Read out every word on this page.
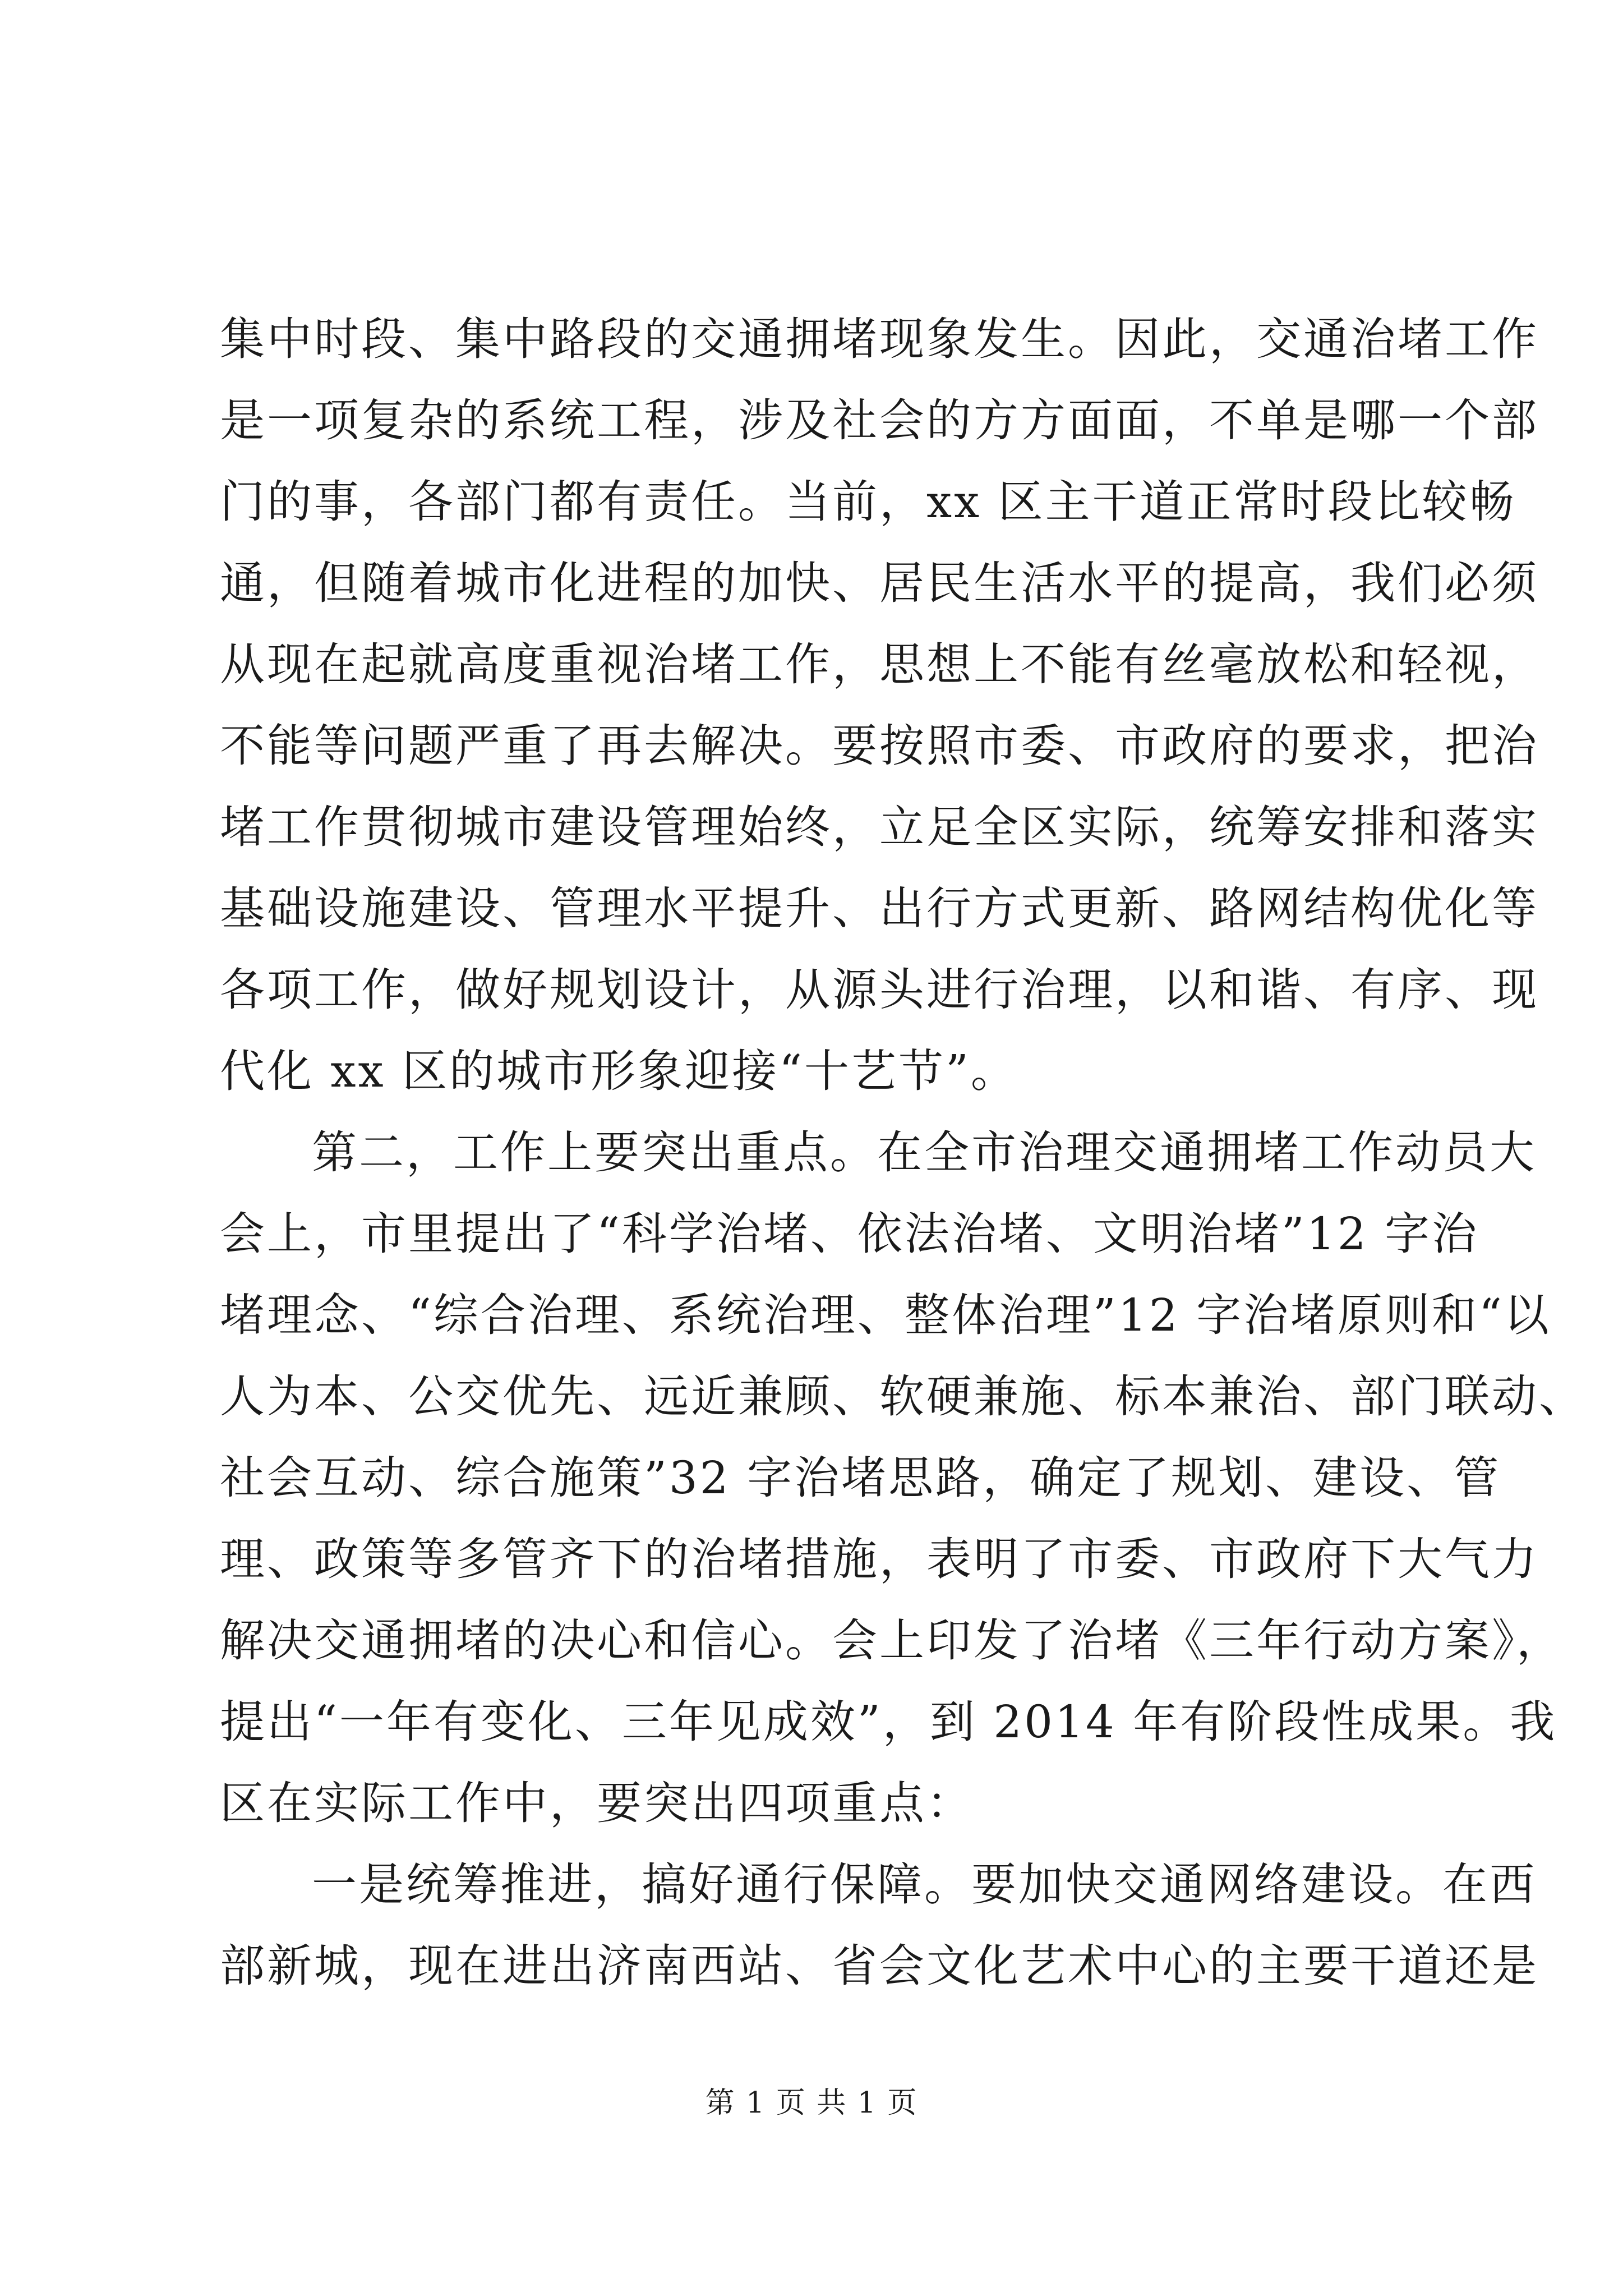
集中时段、集中路段的交通拥堵现象发生。因此，交通治堵工作
是一项复杂的系统工程，涉及社会的方方面面，不单是哪一个部
门的事，各部门都有责任。当前，xx 区主干道正常时段比较畅
通，但随着城市化进程的加快、居民生活水平的提高，我们必须
从现在起就高度重视治堵工作，思想上不能有丝毫放松和轻视，
不能等问题严重了再去解决。要按照市委、市政府的要求，把治
堵工作贯彻城市建设管理始终，立足全区实际，统筹安排和落实
基础设施建设、管理水平提升、出行方式更新、路网结构优化等
各项工作，做好规划设计，从源头进行治理，以和谐、有序、现
代化 xx 区的城市形象迎接“十艺节”。
第二，工作上要突出重点。在全市治理交通拥堵工作动员大
会上，市里提出了“科学治堵、依法治堵、文明治堵”12 字治
堵理念、“综合治理、系统治理、整体治理”12 字治堵原则和“以
人为本、公交优先、远近兼顾、软硬兼施、标本兼治、部门联动、
社会互动、综合施策”32 字治堵思路，确定了规划、建设、管
理、政策等多管齐下的治堵措施，表明了市委、市政府下大气力
解决交通拥堵的决心和信心。会上印发了治堵《三年行动方案》，
提出“一年有变化、三年见成效”，到 2014 年有阶段性成果。我
区在实际工作中，要突出四项重点：
一是统筹推进，搞好通行保障。要加快交通网络建设。在西
部新城，现在进出济南西站、省会文化艺术中心的主要干道还是
第 1 页 共 1 页
